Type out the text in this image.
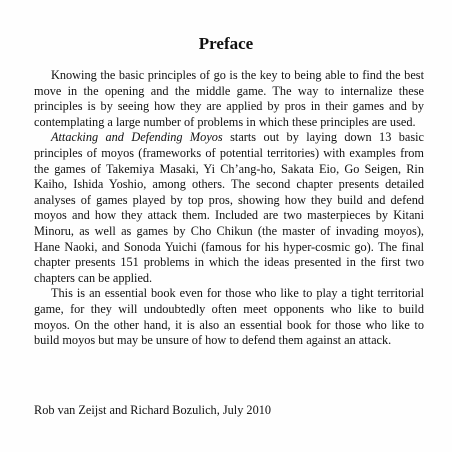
Preface

Knowing the basic principles of go is the key to being able to find the best move in the opening and the middle game. The way to internalize these principles is by seeing how they are applied by pros in their games and by contemplating a large number of problems in which these principles are used.

Attacking and Defending Moyos starts out by laying down 13 basic principles of moyos (frameworks of potential territories) with examples from the games of Takemiya Masaki, Yi Ch’ang-ho, Sakata Eio, Go Seigen, Rin Kaiho, Ishida Yoshio, among others. The second chapter presents detailed analyses of games played by top pros, showing how they build and defend moyos and how they attack them. Included are two masterpieces by Kitani Minoru, as well as games by Cho Chikun (the master of invading moyos), Hane Naoki, and Sonoda Yuichi (famous for his hyper-cosmic go). The final chapter presents 151 problems in which the ideas presented in the first two chapters can be applied.

This is an essential book even for those who like to play a tight territorial game, for they will undoubtedly often meet opponents who like to build moyos. On the other hand, it is also an essential book for those who like to build moyos but may be unsure of how to defend them against an attack.

Rob van Zeijst and Richard Bozulich, July 2010
